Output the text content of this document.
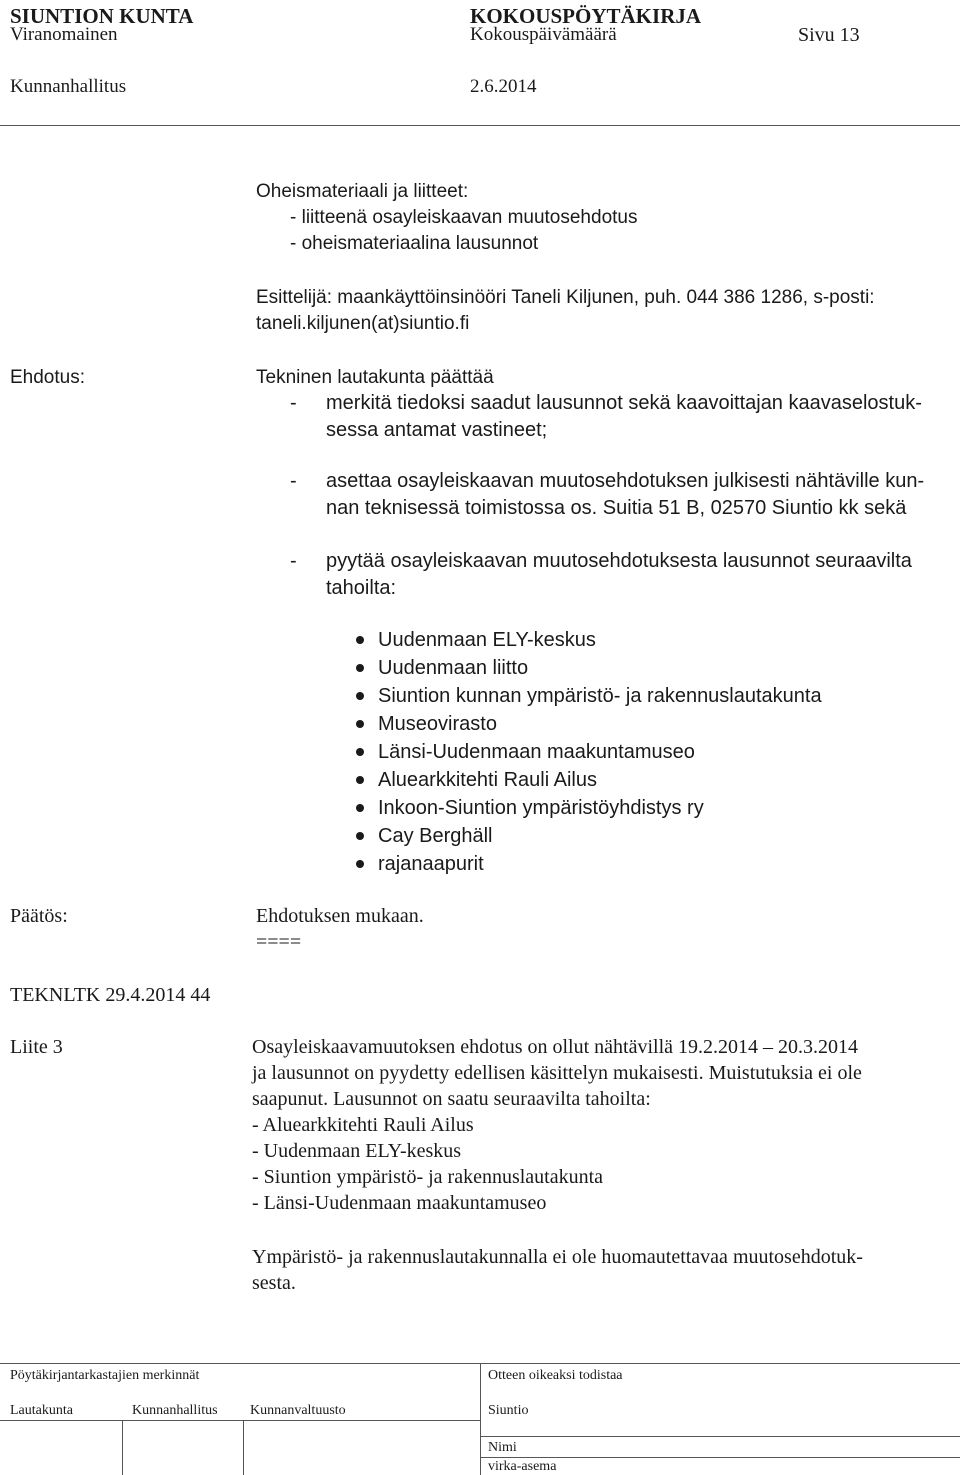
SIUNTION KUNTA	KOKOUSPÖYTÄKIRJA
Viranomainen	Kokouspäivämäärä	Sivu 13
Kunnanhallitus	2.6.2014
Oheismateriaali ja liitteet:
- liitteenä osayleiskaavan muutosehdotus
- oheismateriaalina lausunnot
Esittelijä: maankäyttöinsinööri Taneli Kiljunen, puh. 044 386 1286, s-posti:
taneli.kiljunen(at)siuntio.fi
Ehdotus:	Tekninen lautakunta päättää
- merkitä tiedoksi saadut lausunnot sekä kaavoittajan kaavaselostuk-
sessa antamat vastineet;
- asettaa osayleiskaavan muutosehdotuksen julkisesti nähtäville kun-
nan teknisessä toimistossa os. Suitia 51 B, 02570 Siuntio kk sekä
- pyytää osayleiskaavan muutosehdotuksesta lausunnot seuraavilta
tahoilta:
Uudenmaan ELY-keskus
Uudenmaan liitto
Siuntion kunnan ympäristö- ja rakennuslautakunta
Museovirasto
Länsi-Uudenmaan maakuntamuseo
Aluearkkitehti Rauli Ailus
Inkoon-Siuntion ympäristöyhdistys ry
Cay Berghäll
rajanaapurit
Päätös:	Ehdotuksen mukaan.
====
TEKNLTK 29.4.2014 44
Liite 3	Osayleiskaavamuutoksen ehdotus on ollut nähtävillä 19.2.2014 – 20.3.2014
ja lausunnot on pyydetty edellisen käsittelyn mukaisesti. Muistutuksia ei ole
saapunut. Lausunnot on saatu seuraavilta tahoilta:
- Aluearkkitehti Rauli Ailus
- Uudenmaan ELY-keskus
- Siuntion ympäristö- ja rakennuslautakunta
- Länsi-Uudenmaan maakuntamuseo
Ympäristö- ja rakennuslautakunnalla ei ole huomautettavaa muutosehdotuk-
sesta.
Pöytäkirjantarkastajien merkinnät	Otteen oikeaksi todistaa
Lautakunta	Kunnanhallitus Kunnanvaltuusto	Siuntio
Nimi
virka-asema
